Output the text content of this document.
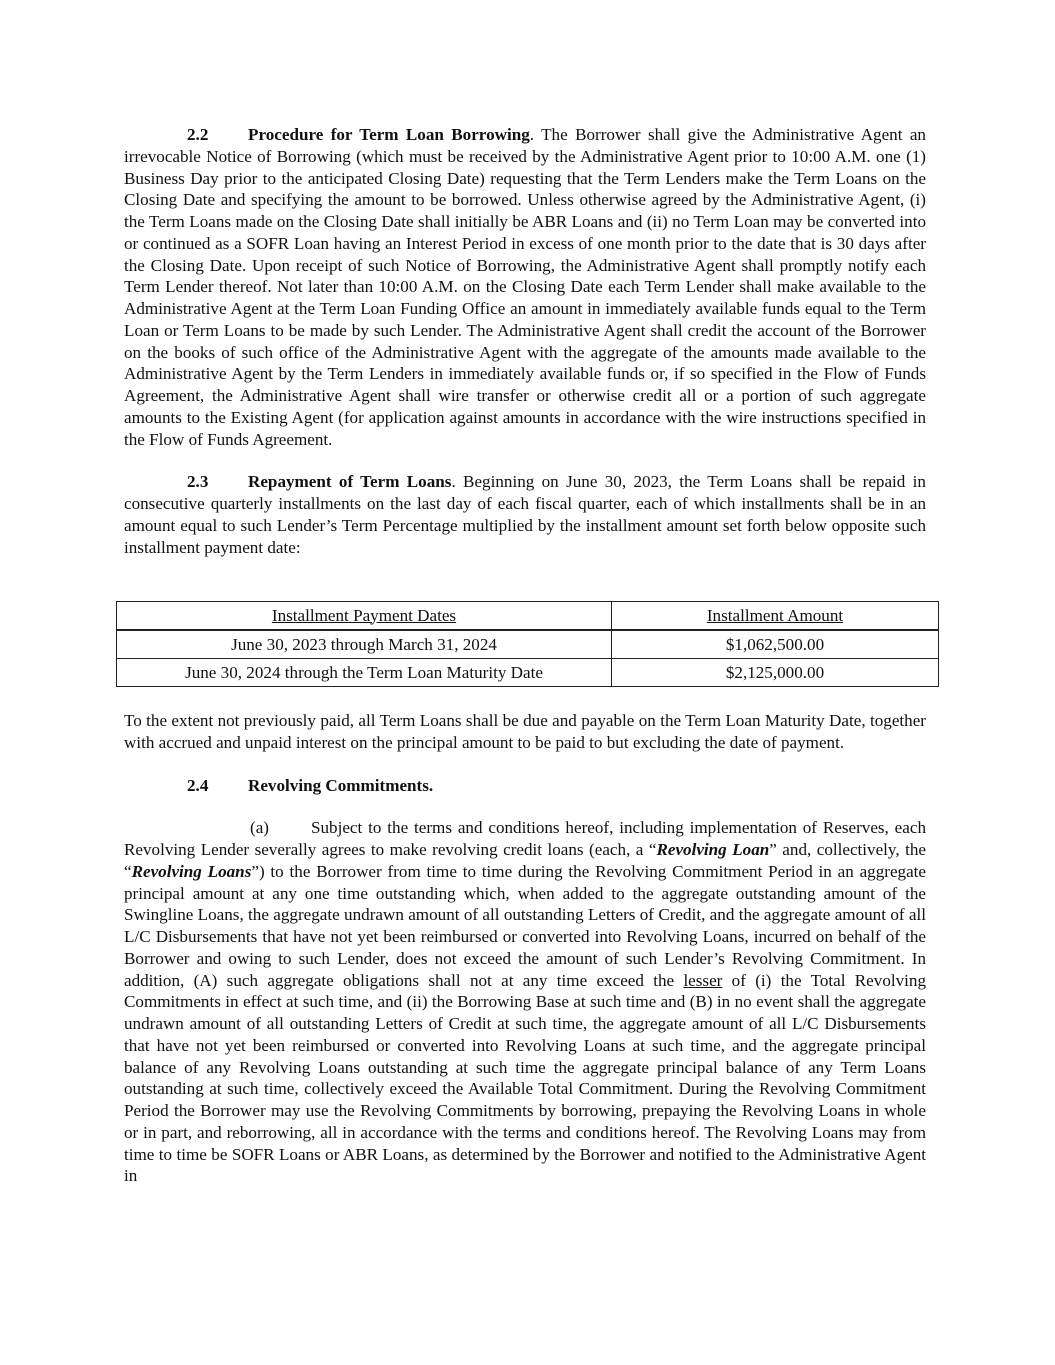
2.2 Procedure for Term Loan Borrowing. The Borrower shall give the Administrative Agent an irrevocable Notice of Borrowing (which must be received by the Administrative Agent prior to 10:00 A.M. one (1) Business Day prior to the anticipated Closing Date) requesting that the Term Lenders make the Term Loans on the Closing Date and specifying the amount to be borrowed. Unless otherwise agreed by the Administrative Agent, (i) the Term Loans made on the Closing Date shall initially be ABR Loans and (ii) no Term Loan may be converted into or continued as a SOFR Loan having an Interest Period in excess of one month prior to the date that is 30 days after the Closing Date. Upon receipt of such Notice of Borrowing, the Administrative Agent shall promptly notify each Term Lender thereof. Not later than 10:00 A.M. on the Closing Date each Term Lender shall make available to the Administrative Agent at the Term Loan Funding Office an amount in immediately available funds equal to the Term Loan or Term Loans to be made by such Lender. The Administrative Agent shall credit the account of the Borrower on the books of such office of the Administrative Agent with the aggregate of the amounts made available to the Administrative Agent by the Term Lenders in immediately available funds or, if so specified in the Flow of Funds Agreement, the Administrative Agent shall wire transfer or otherwise credit all or a portion of such aggregate amounts to the Existing Agent (for application against amounts in accordance with the wire instructions specified in the Flow of Funds Agreement.

2.3 Repayment of Term Loans. Beginning on June 30, 2023, the Term Loans shall be repaid in consecutive quarterly installments on the last day of each fiscal quarter, each of which installments shall be in an amount equal to such Lender’s Term Percentage multiplied by the installment amount set forth below opposite such installment payment date:

Installment Payment Dates	Installment Amount
June 30, 2023 through March 31, 2024	$1,062,500.00
June 30, 2024 through the Term Loan Maturity Date	$2,125,000.00

To the extent not previously paid, all Term Loans shall be due and payable on the Term Loan Maturity Date, together with accrued and unpaid interest on the principal amount to be paid to but excluding the date of payment.

2.4 Revolving Commitments.

(a) Subject to the terms and conditions hereof, including implementation of Reserves, each Revolving Lender severally agrees to make revolving credit loans (each, a “Revolving Loan” and, collectively, the “Revolving Loans”) to the Borrower from time to time during the Revolving Commitment Period in an aggregate principal amount at any one time outstanding which, when added to the aggregate outstanding amount of the Swingline Loans, the aggregate undrawn amount of all outstanding Letters of Credit, and the aggregate amount of all L/C Disbursements that have not yet been reimbursed or converted into Revolving Loans, incurred on behalf of the Borrower and owing to such Lender, does not exceed the amount of such Lender’s Revolving Commitment. In addition, (A) such aggregate obligations shall not at any time exceed the lesser of (i) the Total Revolving Commitments in effect at such time, and (ii) the Borrowing Base at such time and (B) in no event shall the aggregate undrawn amount of all outstanding Letters of Credit at such time, the aggregate amount of all L/C Disbursements that have not yet been reimbursed or converted into Revolving Loans at such time, and the aggregate principal balance of any Revolving Loans outstanding at such time the aggregate principal balance of any Term Loans outstanding at such time, collectively exceed the Available Total Commitment. During the Revolving Commitment Period the Borrower may use the Revolving Commitments by borrowing, prepaying the Revolving Loans in whole or in part, and reborrowing, all in accordance with the terms and conditions hereof. The Revolving Loans may from time to time be SOFR Loans or ABR Loans, as determined by the Borrower and notified to the Administrative Agent in
